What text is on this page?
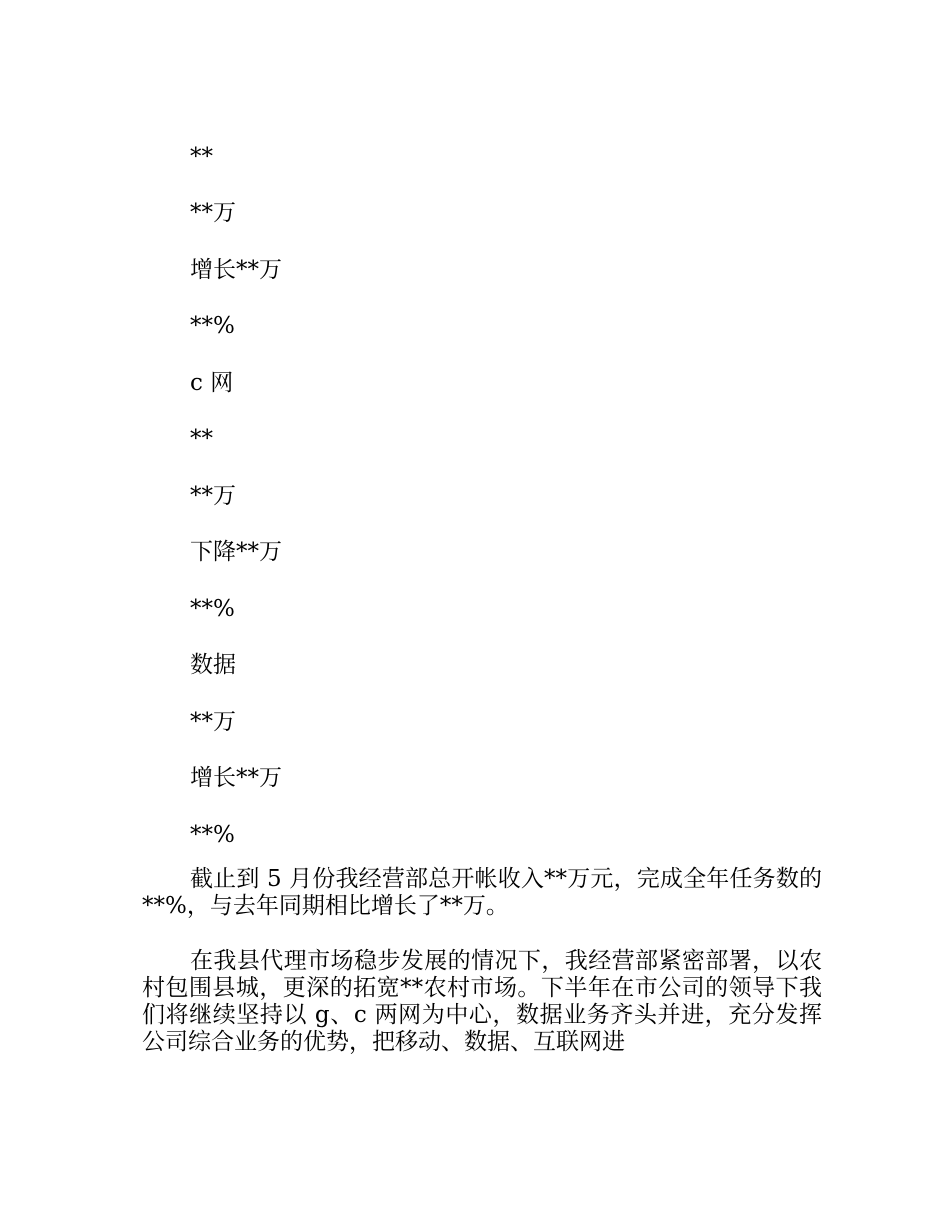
**
**万
增长**万
**%
c 网
**
**万
下降**万
**%
数据
**万
增长**万
**%

截止到 5 月份我经营部总开帐收入**万元，完成全年任务数的**%，与去年同期相比增长了**万。

在我县代理市场稳步发展的情况下，我经营部紧密部署，以农村包围县城，更深的拓宽**农村市场。下半年在市公司的领导下我们将继续坚持以 g、c 两网为中心，数据业务齐头并进，充分发挥公司综合业务的优势，把移动、数据、互联网进
